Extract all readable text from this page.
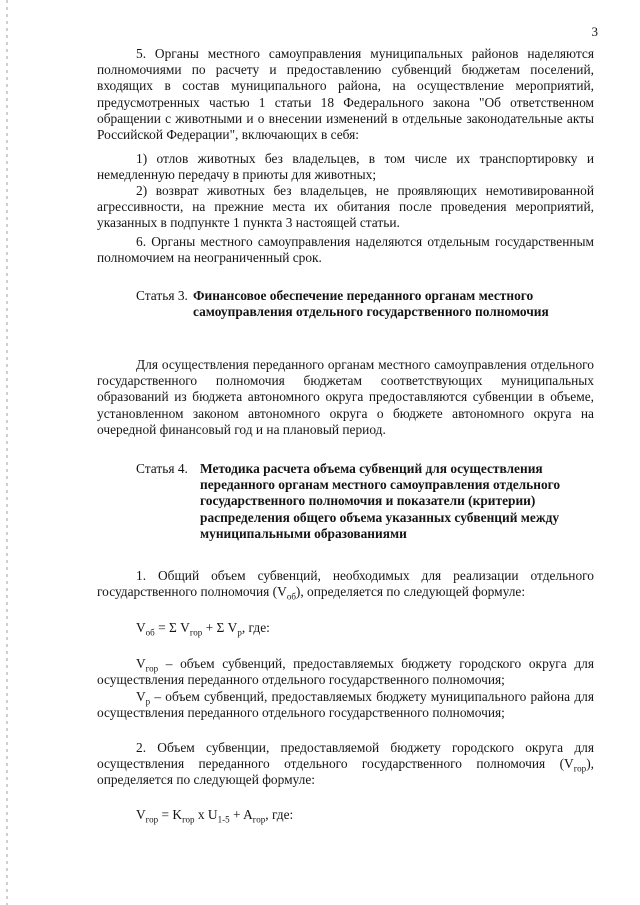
3

5. Органы местного самоуправления муниципальных районов наделяются полномочиями по расчету и предоставлению субвенций бюджетам поселений, входящих в состав муниципального района, на осуществление мероприятий, предусмотренных частью 1 статьи 18 Федерального закона "Об ответственном обращении с животными и о внесении изменений в отдельные законодательные акты Российской Федерации", включающих в себя:

1) отлов животных без владельцев, в том числе их транспортировку и немедленную передачу в приюты для животных;

2) возврат животных без владельцев, не проявляющих немотивированной агрессивности, на прежние места их обитания после проведения мероприятий, указанных в подпункте 1 пункта 3 настоящей статьи.

6. Органы местного самоуправления наделяются отдельным государственным полномочием на неограниченный срок.

Статья 3. Финансовое обеспечение переданного органам местного самоуправления отдельного государственного полномочия

Для осуществления переданного органам местного самоуправления отдельного государственного полномочия бюджетам соответствующих муниципальных образований из бюджета автономного округа предоставляются субвенции в объеме, установленном законом автономного округа о бюджете автономного округа на очередной финансовый год и на плановый период.

Статья 4. Методика расчета объема субвенций для осуществления переданного органам местного самоуправления отдельного государственного полномочия и показатели (критерии) распределения общего объема указанных субвенций между муниципальными образованиями

1. Общий объем субвенций, необходимых для реализации отдельного государственного полномочия $(V_{об})$, определяется по следующей формуле:

$V_{об} = \Sigma$ $V_{гор} + \Sigma$ $V_р$, где:

$V_{гор}$ – объем субвенций, предоставляемых бюджету городского округа для осуществления переданного отдельного государственного полномочия;

$V_р$ – объем субвенций, предоставляемых бюджету муниципального района для осуществления переданного отдельного государственного полномочия;

2. Объем субвенции, предоставляемой бюджету городского округа для осуществления переданного отдельного государственного полномочия $(V_{гор})$, определяется по следующей формуле:

$V_{гор} = K_{гор}$ x $U_{1-5} + A_{гор}$, где:
